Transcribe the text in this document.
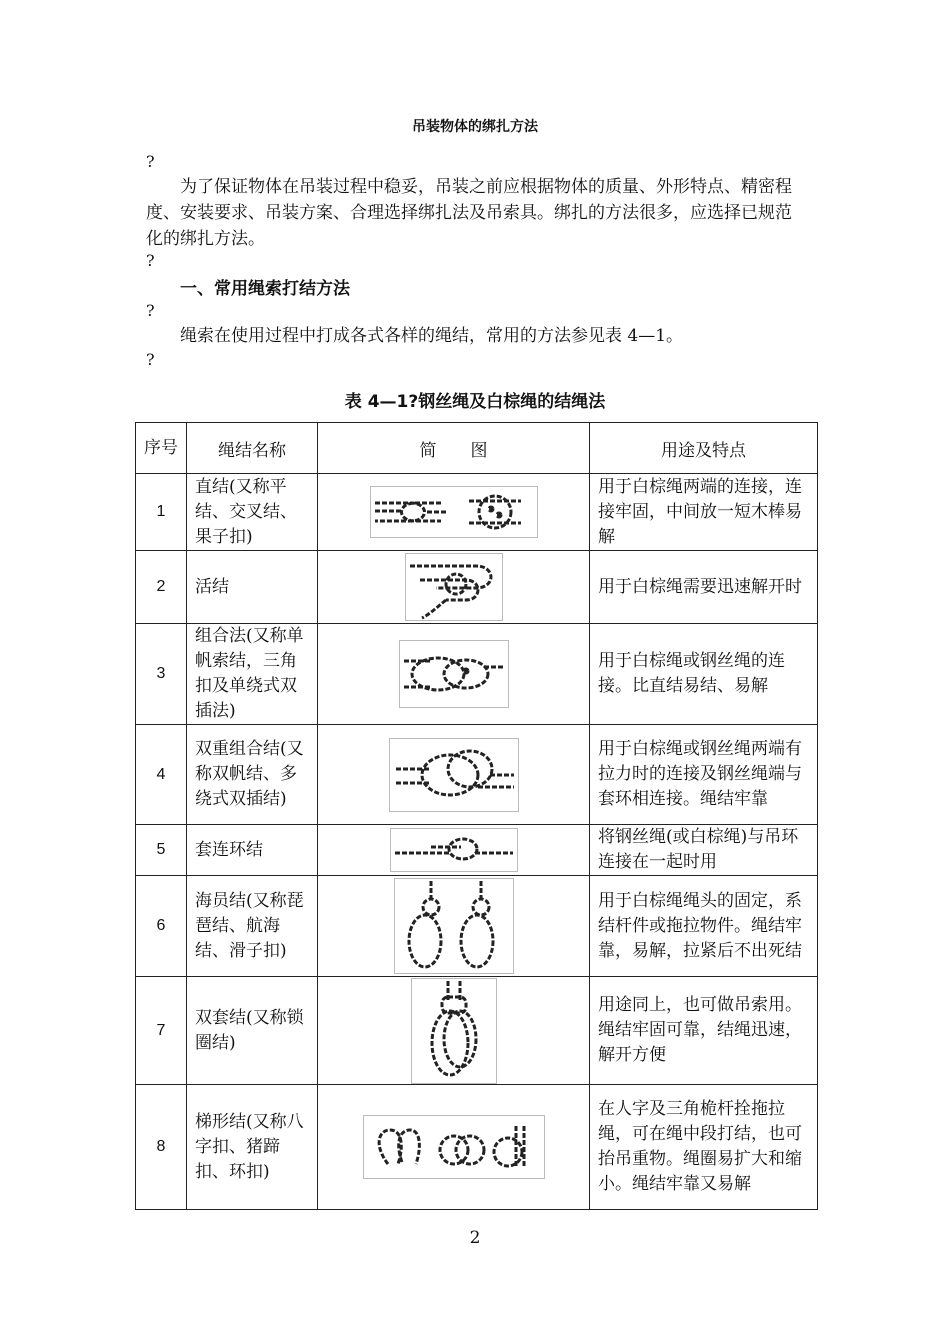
吊装物体的绑扎方法
?
为了保证物体在吊装过程中稳妥，吊装之前应根据物体的质量、外形特点、精密程度、安装要求、吊装方案、合理选择绑扎法及吊索具。绑扎的方法很多，应选择已规范化的绑扎方法。
?
一、常用绳索打结方法
?
绳索在使用过程中打成各式各样的绳结，常用的方法参见表 4—1。
?
表 4—1?钢丝绳及白棕绳的结绳法
序号	绳结名称	简　　图	用途及特点
1	直结(又称平结、交叉结、果子扣)		用于白棕绳两端的连接，连接牢固，中间放一短木棒易解
2	活结		用于白棕绳需要迅速解开时
3	组合法(又称单帆索结，三角扣及单绕式双插法)		用于白棕绳或钢丝绳的连接。比直结易结、易解
4	双重组合结(又称双帆结、多绕式双插结)		用于白棕绳或钢丝绳两端有拉力时的连接及钢丝绳端与套环相连接。绳结牢靠
5	套连环结		将钢丝绳(或白棕绳)与吊环连接在一起时用
6	海员结(又称琵琶结、航海结、滑子扣)		用于白棕绳绳头的固定，系结杆件或拖拉物件。绳结牢靠，易解，拉紧后不出死结
7	双套结(又称锁圈结)		用途同上，也可做吊索用。绳结牢固可靠，结绳迅速，解开方便
8	梯形结(又称八字扣、猪蹄扣、环扣)		在人字及三角桅杆拴拖拉绳，可在绳中段打结，也可抬吊重物。绳圈易扩大和缩小。绳结牢靠又易解
2
